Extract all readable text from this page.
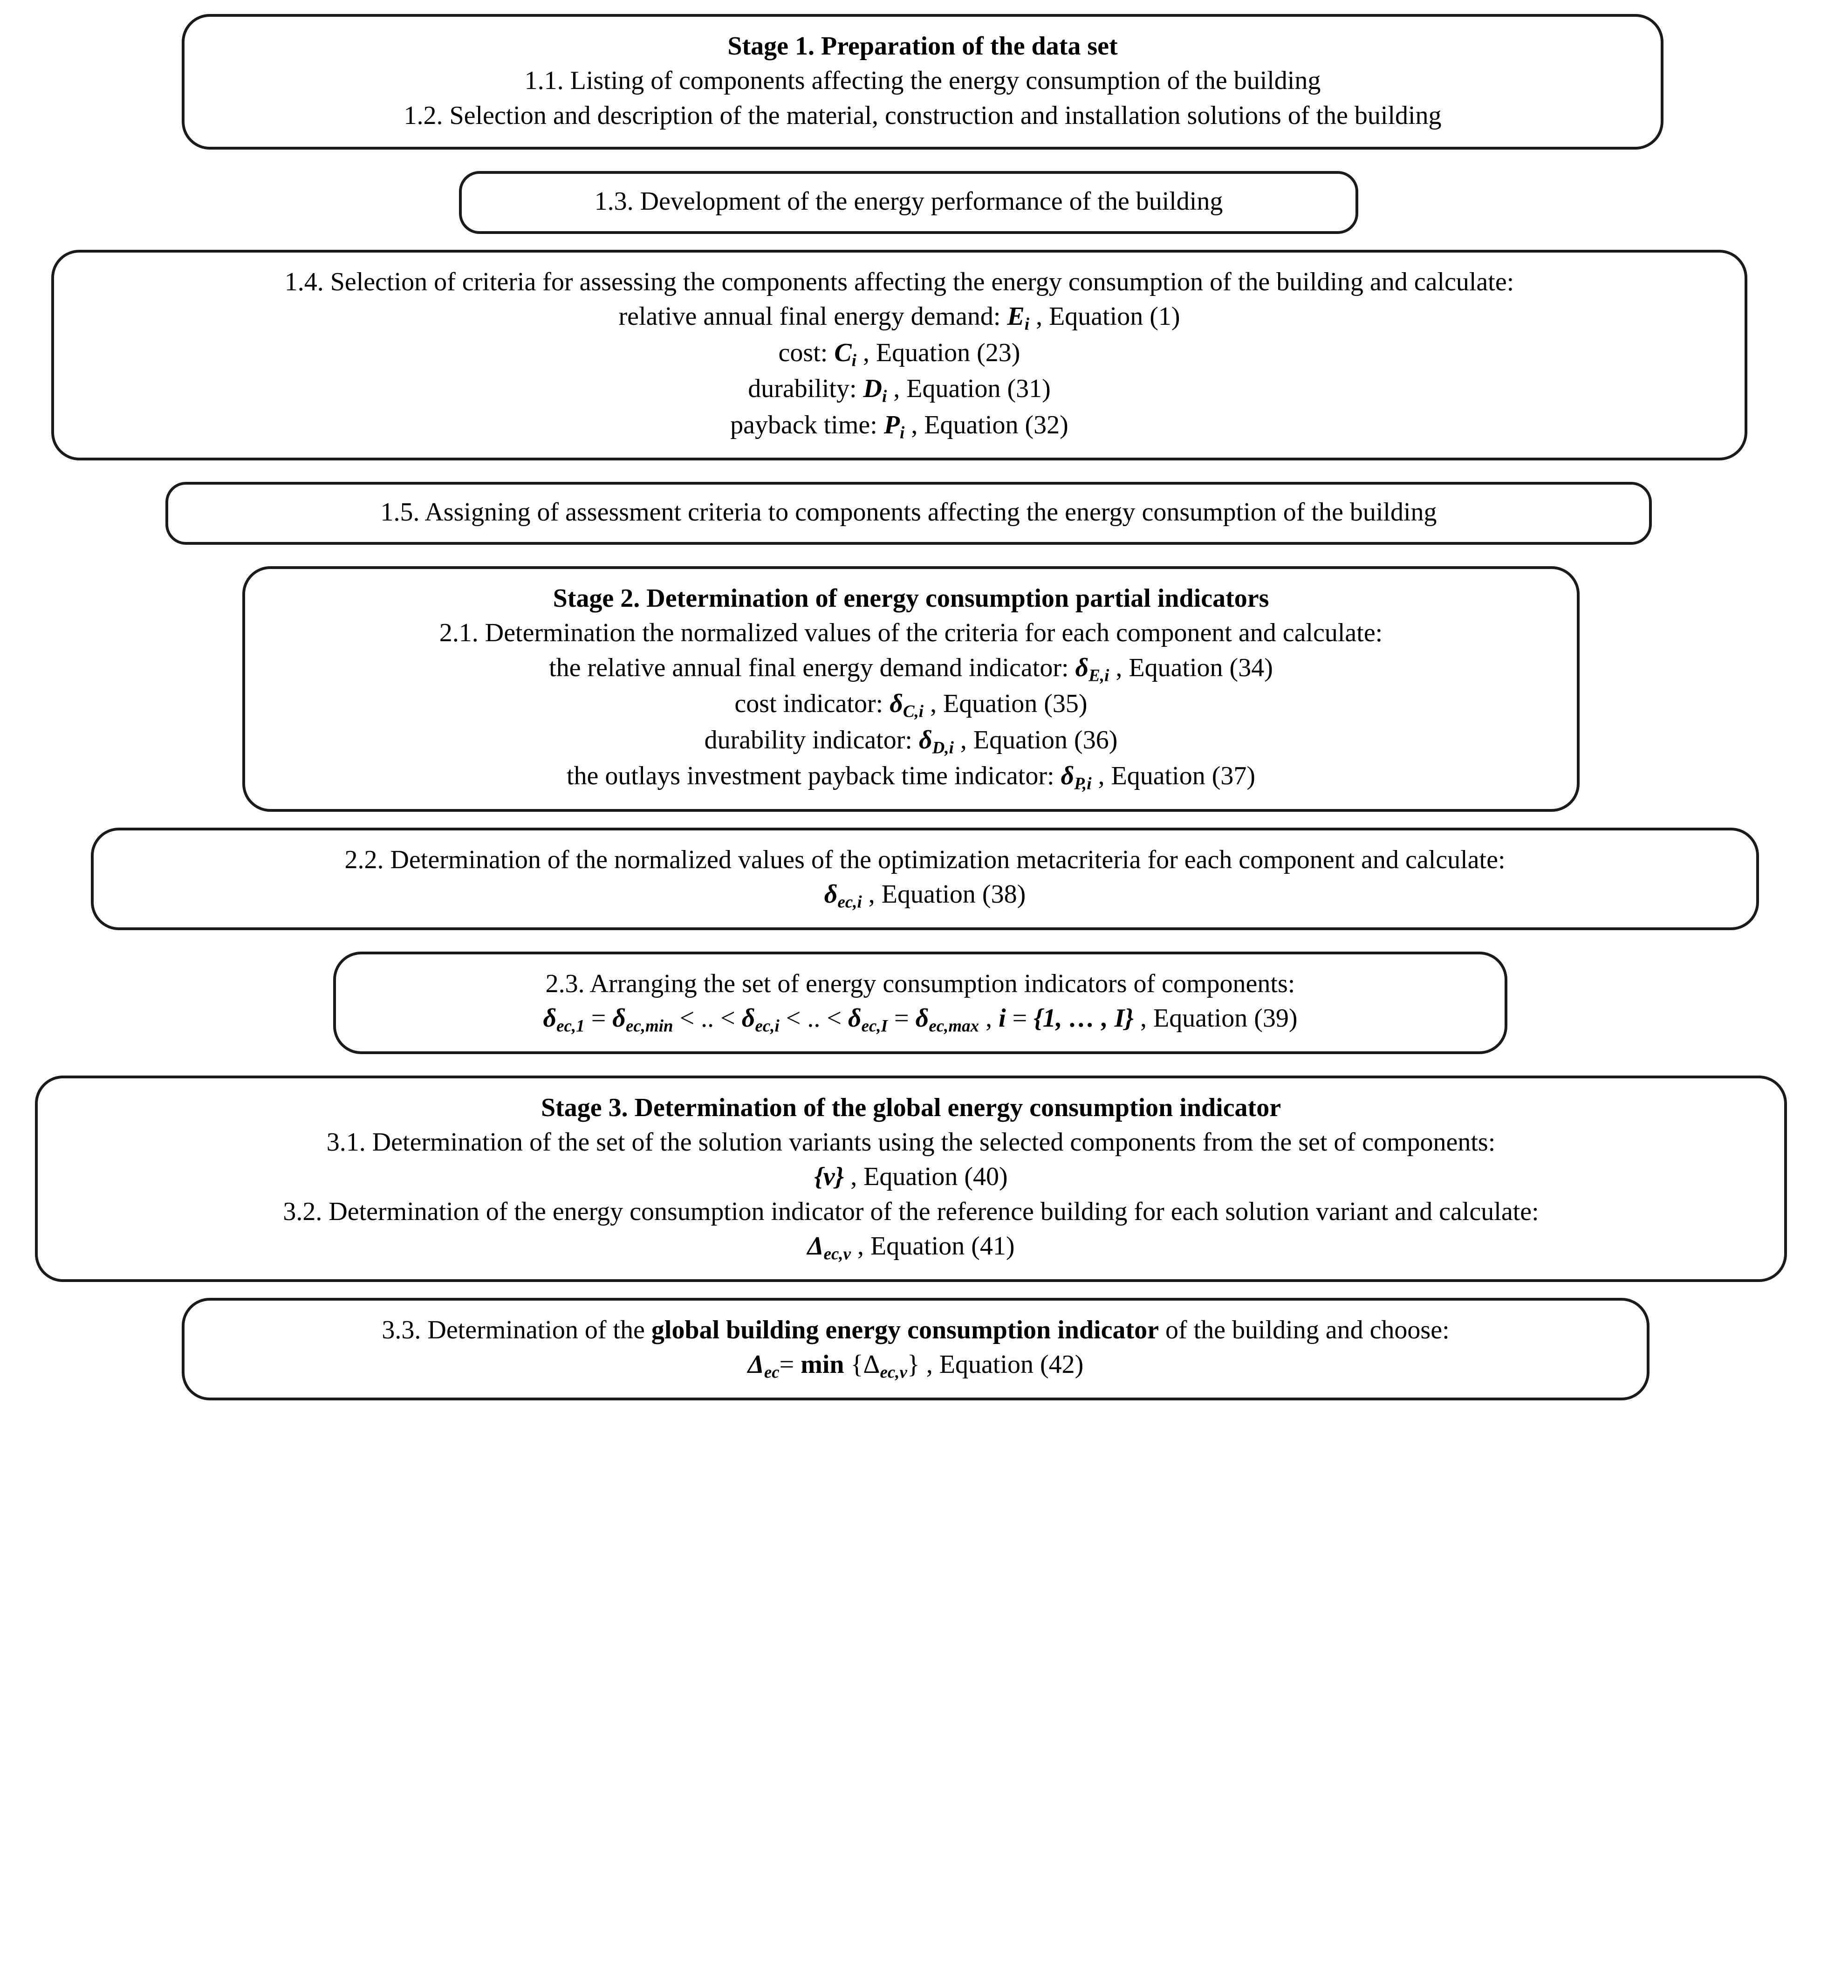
Stage 1. Preparation of the data set
1.1. Listing of components affecting the energy consumption of the building
1.2. Selection and description of the material, construction and installation solutions of the building
1.3. Development of the energy performance of the building
1.4. Selection of criteria for assessing the components affecting the energy consumption of the building and calculate:
relative annual final energy demand: $E_i$ , Equation (1)
cost: $C_i$ , Equation (23)
durability: $D_i$ , Equation (31)
payback time: $P_i$ , Equation (32)
1.5. Assigning of assessment criteria to components affecting the energy consumption of the building
Stage 2. Determination of energy consumption partial indicators
2.1. Determination the normalized values of the criteria for each component and calculate:
the relative annual final energy demand indicator: $\delta_{E,i}$ , Equation (34)
cost indicator: $\delta_{C,i}$ , Equation (35)
durability indicator: $\delta_{D,i}$ , Equation (36)
the outlays investment payback time indicator: $\delta_{P,i}$ , Equation (37)
2.2. Determination of the normalized values of the optimization metacriteria for each component and calculate:
$\delta_{ec,i}$ , Equation (38)
2.3. Arranging the set of energy consumption indicators of components:
$\delta_{ec,1} = \delta_{ec,min}$ < .. < $\delta_{ec,i}$ < .. < $\delta_{ec,I} = \delta_{ec,max}$ , i = {1, … , I} , Equation (39)
Stage 3. Determination of the global energy consumption indicator
3.1. Determination of the set of the solution variants using the selected components from the set of components:
{v} , Equation (40)
3.2. Determination of the energy consumption indicator of the reference building for each solution variant and calculate:
$\Delta_{ec,v}$ , Equation (41)
3.3. Determination of the global building energy consumption indicator of the building and choose:
$\Delta_{ec}= \min \{\Delta_{ec,v}\}$ , Equation (42)
